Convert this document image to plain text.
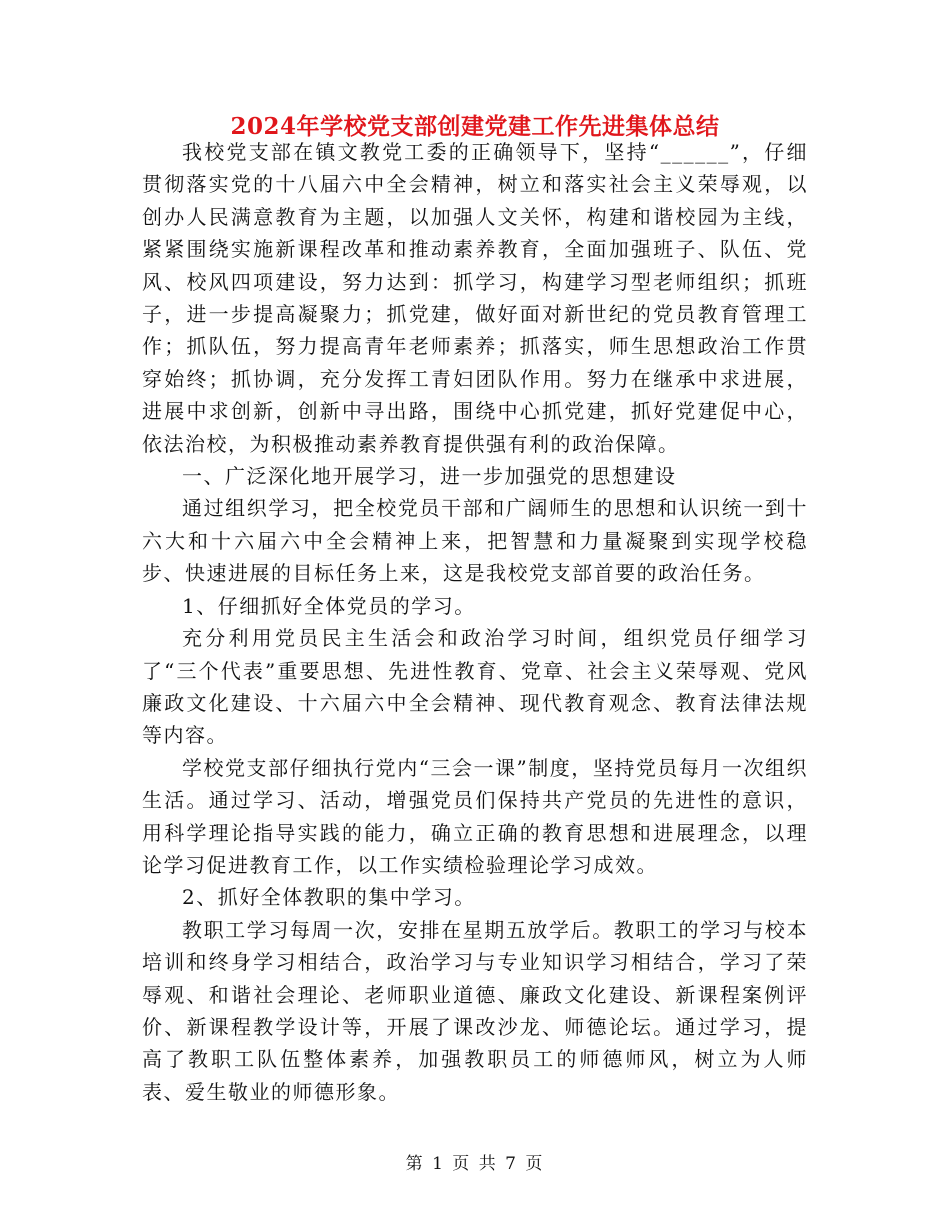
2024年学校党支部创建党建工作先进集体总结

我校党支部在镇文教党工委的正确领导下，坚持“______”，仔细贯彻落实党的十八届六中全会精神，树立和落实社会主义荣辱观，以创办人民满意教育为主题，以加强人文关怀，构建和谐校园为主线，紧紧围绕实施新课程改革和推动素养教育，全面加强班子、队伍、党风、校风四项建设，努力达到：抓学习，构建学习型老师组织；抓班子，进一步提高凝聚力；抓党建，做好面对新世纪的党员教育管理工作；抓队伍，努力提高青年老师素养；抓落实，师生思想政治工作贯穿始终；抓协调，充分发挥工青妇团队作用。努力在继承中求进展，进展中求创新，创新中寻出路，围绕中心抓党建，抓好党建促中心，依法治校，为积极推动素养教育提供强有利的政治保障。

一、广泛深化地开展学习，进一步加强党的思想建设

通过组织学习，把全校党员干部和广阔师生的思想和认识统一到十六大和十六届六中全会精神上来，把智慧和力量凝聚到实现学校稳步、快速进展的目标任务上来，这是我校党支部首要的政治任务。

1、仔细抓好全体党员的学习。

充分利用党员民主生活会和政治学习时间，组织党员仔细学习了“三个代表”重要思想、先进性教育、党章、社会主义荣辱观、党风廉政文化建设、十六届六中全会精神、现代教育观念、教育法律法规等内容。

学校党支部仔细执行党内“三会一课”制度，坚持党员每月一次组织生活。通过学习、活动，增强党员们保持共产党员的先进性的意识，用科学理论指导实践的能力，确立正确的教育思想和进展理念，以理论学习促进教育工作，以工作实绩检验理论学习成效。

2、抓好全体教职的集中学习。

教职工学习每周一次，安排在星期五放学后。教职工的学习与校本培训和终身学习相结合，政治学习与专业知识学习相结合，学习了荣辱观、和谐社会理论、老师职业道德、廉政文化建设、新课程案例评价、新课程教学设计等，开展了课改沙龙、师德论坛。通过学习，提高了教职工队伍整体素养，加强教职员工的师德师风，树立为人师表、爱生敬业的师德形象。

第 1 页 共 7 页
